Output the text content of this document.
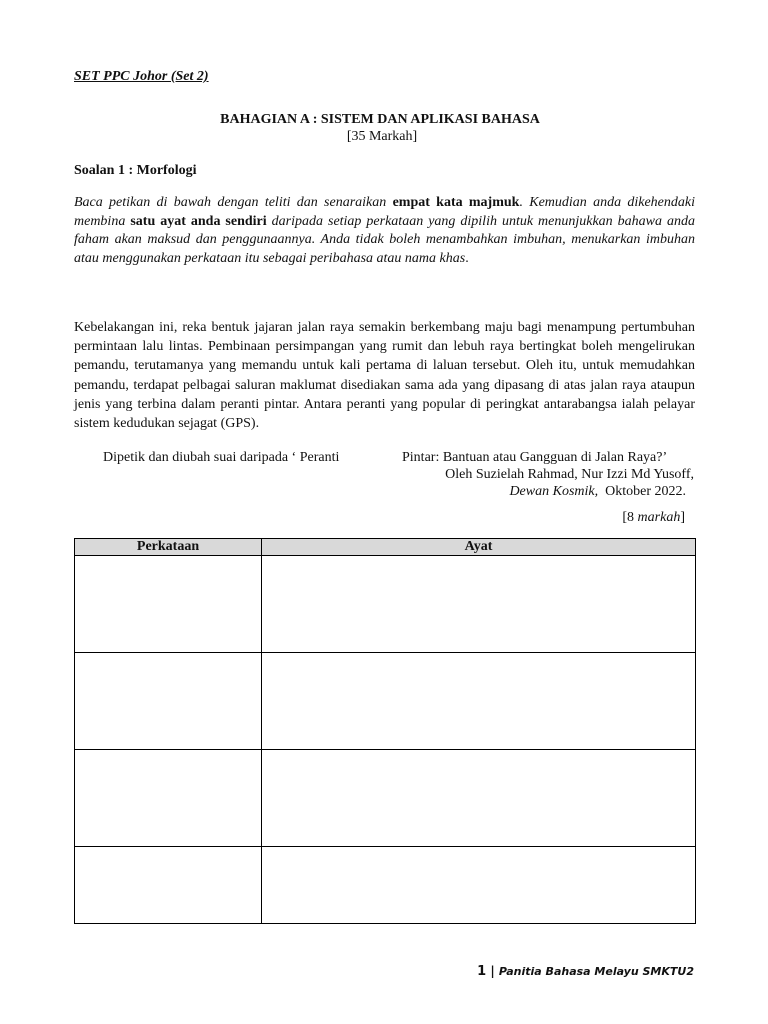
SET PPC Johor (Set 2)
BAHAGIAN A : SISTEM DAN APLIKASI BAHASA
[35 Markah]
Soalan 1 : Morfologi
Baca petikan di bawah dengan teliti dan senaraikan empat kata majmuk. Kemudian anda dikehendaki membina satu ayat anda sendiri daripada setiap perkataan yang dipilih untuk menunjukkan bahawa anda faham akan maksud dan penggunaannya. Anda tidak boleh menambahkan imbuhan, menukarkan imbuhan atau menggunakan perkataan itu sebagai peribahasa atau nama khas.
Kebelakangan ini, reka bentuk jajaran jalan raya semakin berkembang maju bagi menampung pertumbuhan permintaan lalu lintas. Pembinaan persimpangan yang rumit dan lebuh raya bertingkat boleh mengelirukan pemandu, terutamanya yang memandu untuk kali pertama di laluan tersebut. Oleh itu, untuk memudahkan pemandu, terdapat pelbagai saluran maklumat disediakan sama ada yang dipasang di atas jalan raya ataupun jenis yang terbina dalam peranti pintar. Antara peranti yang popular di peringkat antarabangsa ialah pelayar sistem kedudukan sejagat (GPS).
Dipetik dan diubah suai daripada ‘ Peranti	Pintar: Bantuan atau Gangguan di Jalan Raya?’
Oleh Suzielah Rahmad, Nur Izzi Md Yusoff,
Dewan Kosmik,  Oktober 2022.
[8 markah]
Perkataan	Ayat

1 | Panitia Bahasa Melayu SMKTU2
